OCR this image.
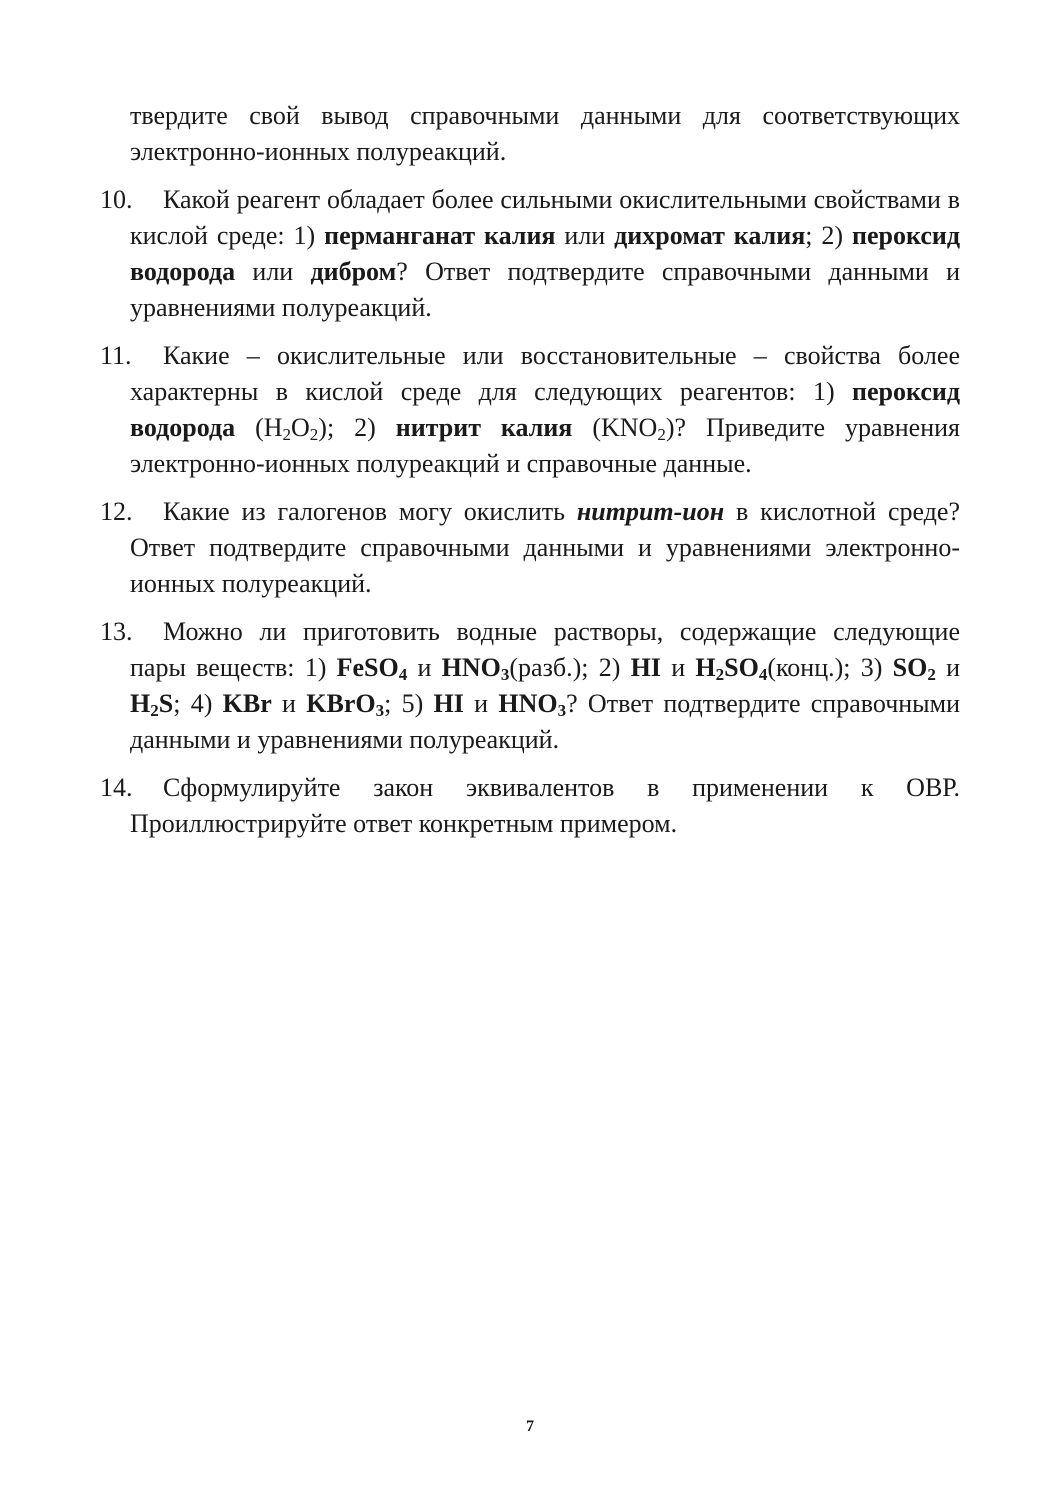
твердите свой вывод справочными данными для соответствующих электронно-ионных полуреакций.

10.	Какой реагент обладает более сильными окислительными свойствами в кислой среде: 1) перманганат калия или дихромат калия; 2) пероксид водорода или дибром? Ответ подтвердите справочными данными и уравнениями полуреакций.

11.	Какие – окислительные или восстановительные – свойства более характерны в кислой среде для следующих реагентов: 1) пероксид водорода $(H_2O_2)$; 2) нитрит калия $(KNO_2)$? Приведите уравнения электронно-ионных полуреакций и справочные данные.

12.	Какие из галогенов могу окислить нитрит-ион в кислотной среде? Ответ подтвердите справочными данными и уравнениями электронно-ионных полуреакций.

13.	Можно ли приготовить водные растворы, содержащие следующие пары веществ: 1) FeSO$_4$ и $HNO_3(разб.)$; 2) HI и $H_2SO_4(конц.)$; 3) $SO_2$ и $H_2S$; 4) KBr и KBrO$_3$; 5) HI и $HNO_3$? Ответ подтвердите справочными данными и уравнениями полуреакций.

14.	Сформулируйте закон эквивалентов в применении к ОВР. Проиллюстрируйте ответ конкретным примером.

7
